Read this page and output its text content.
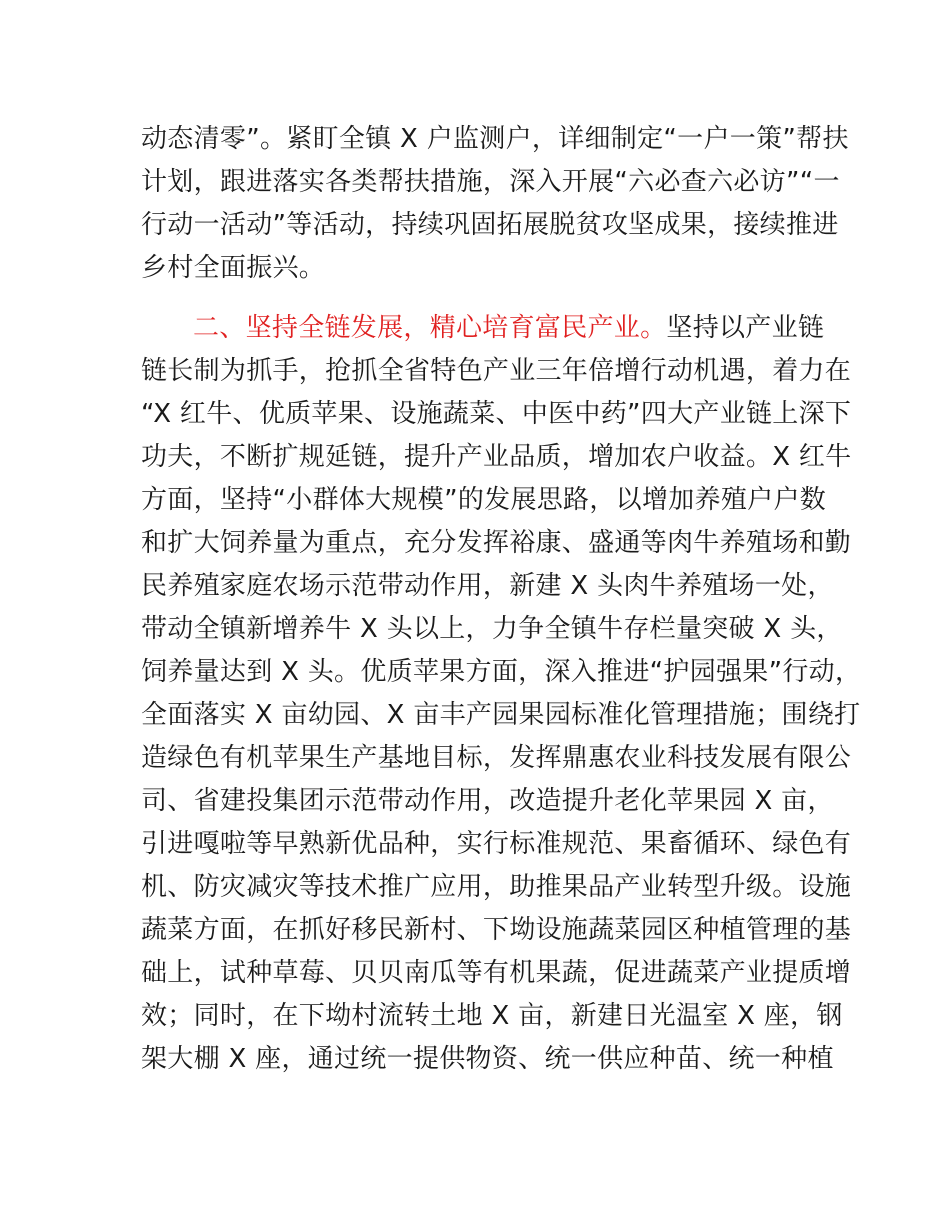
动态清零”。紧盯全镇 X 户监测户，详细制定“一户一策”帮扶
计划，跟进落实各类帮扶措施，深入开展“六必查六必访”“一
行动一活动”等活动，持续巩固拓展脱贫攻坚成果，接续推进
乡村全面振兴。
二、坚持全链发展，精心培育富民产业。坚持以产业链
链长制为抓手，抢抓全省特色产业三年倍增行动机遇，着力在
“X 红牛、优质苹果、设施蔬菜、中医中药”四大产业链上深下
功夫，不断扩规延链，提升产业品质，增加农户收益。X 红牛
方面，坚持“小群体大规模”的发展思路，以增加养殖户户数
和扩大饲养量为重点，充分发挥裕康、盛通等肉牛养殖场和勤
民养殖家庭农场示范带动作用，新建 X 头肉牛养殖场一处，
带动全镇新增养牛 X 头以上，力争全镇牛存栏量突破 X 头，
饲养量达到 X 头。优质苹果方面，深入推进“护园强果”行动，
全面落实 X 亩幼园、X 亩丰产园果园标准化管理措施；围绕打
造绿色有机苹果生产基地目标，发挥鼎惠农业科技发展有限公
司、省建投集团示范带动作用，改造提升老化苹果园 X 亩，
引进嘎啦等早熟新优品种，实行标准规范、果畜循环、绿色有
机、防灾减灾等技术推广应用，助推果品产业转型升级。设施
蔬菜方面，在抓好移民新村、下坳设施蔬菜园区种植管理的基
础上，试种草莓、贝贝南瓜等有机果蔬，促进蔬菜产业提质增
效；同时，在下坳村流转土地 X 亩，新建日光温室 X 座，钢
架大棚 X 座，通过统一提供物资、统一供应种苗、统一种植
